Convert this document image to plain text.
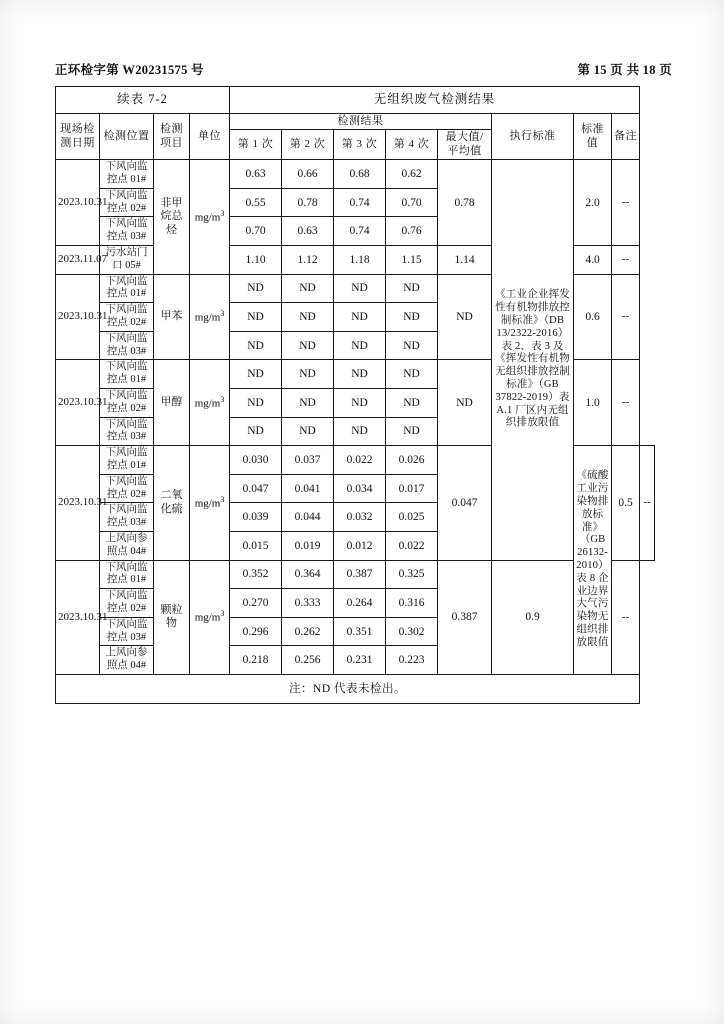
正环检字第 W20231575 号	第 15 页 共 18 页
续表 7-2				无组织废气检测结果								
现场检测日期	检测位置	检测项目	单位	检测结果					执行标准	标准值	备注	
				第 1 次	第 2 次	第 3 次	第 4 次	最大值/平均值				
2023.10.31	下风向监控点 01#	非甲烷总烃	$mg/m^3$	0.63	0.66	0.68	0.62	0.78	《工业企业挥发性有机物排放控制标准》（DB 13/2322-2016）表 2、表 3 及《挥发性有机物无组织排放控制标准》（GB 37822-2019）表 A.1 厂区内无组织排放限值	2.0	--	
	下风向监控点 02#			0.55	0.78	0.74	0.70					
	下风向监控点 03#			0.70	0.63	0.74	0.76					
2023.11.07	污水站门口 05#			1.10	1.12	1.18	1.15	1.14		4.0	--	
2023.10.31	下风向监控点 01#	甲苯	$mg/m^3$	ND	ND	ND	ND	ND		0.6	--	
	下风向监控点 02#			ND	ND	ND	ND					
	下风向监控点 03#			ND	ND	ND	ND					
2023.10.31	下风向监控点 01#	甲醇	$mg/m^3$	ND	ND	ND	ND	ND		1.0	--	
	下风向监控点 02#			ND	ND	ND	ND					
	下风向监控点 03#			ND	ND	ND	ND					
2023.10.31	下风向监控点 01#	二氧化硫	$mg/m^3$	0.030	0.037	0.022	0.026	0.047		《硫酸工业污染物排放标准》（GB 26132-2010）表 8 企业边界大气污染物无组织排放限值	0.5	--
	下风向监控点 02#			0.047	0.041	0.034	0.017					
	下风向监控点 03#			0.039	0.044	0.032	0.025					
	上风向参照点 04#			0.015	0.019	0.012	0.022					
2023.10.31	下风向监控点 01#	颗粒物	$mg/m^3$	0.352	0.364	0.387	0.325	0.387	0.9		--	
	下风向监控点 02#			0.270	0.333	0.264	0.316					
	下风向监控点 03#			0.296	0.262	0.351	0.302					
	上风向参照点 04#			0.218	0.256	0.231	0.223					
注：ND 代表未检出。												
